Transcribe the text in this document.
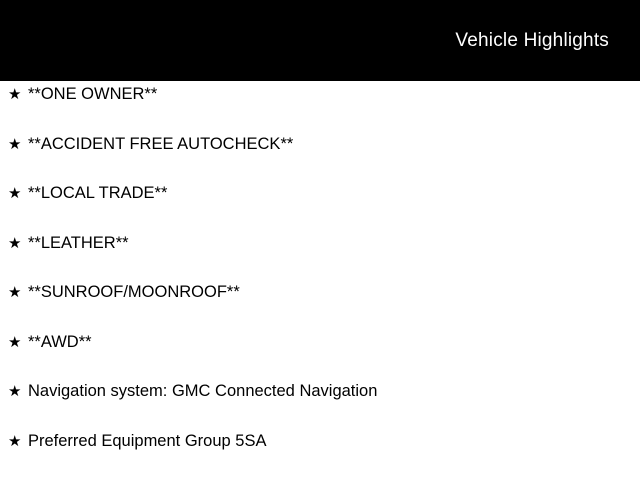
Vehicle Highlights
★ **ONE OWNER**
★ **ACCIDENT FREE AUTOCHECK**
★ **LOCAL TRADE**
★ **LEATHER**
★ **SUNROOF/MOONROOF**
★ **AWD**
★ Navigation system: GMC Connected Navigation
★ Preferred Equipment Group 5SA
